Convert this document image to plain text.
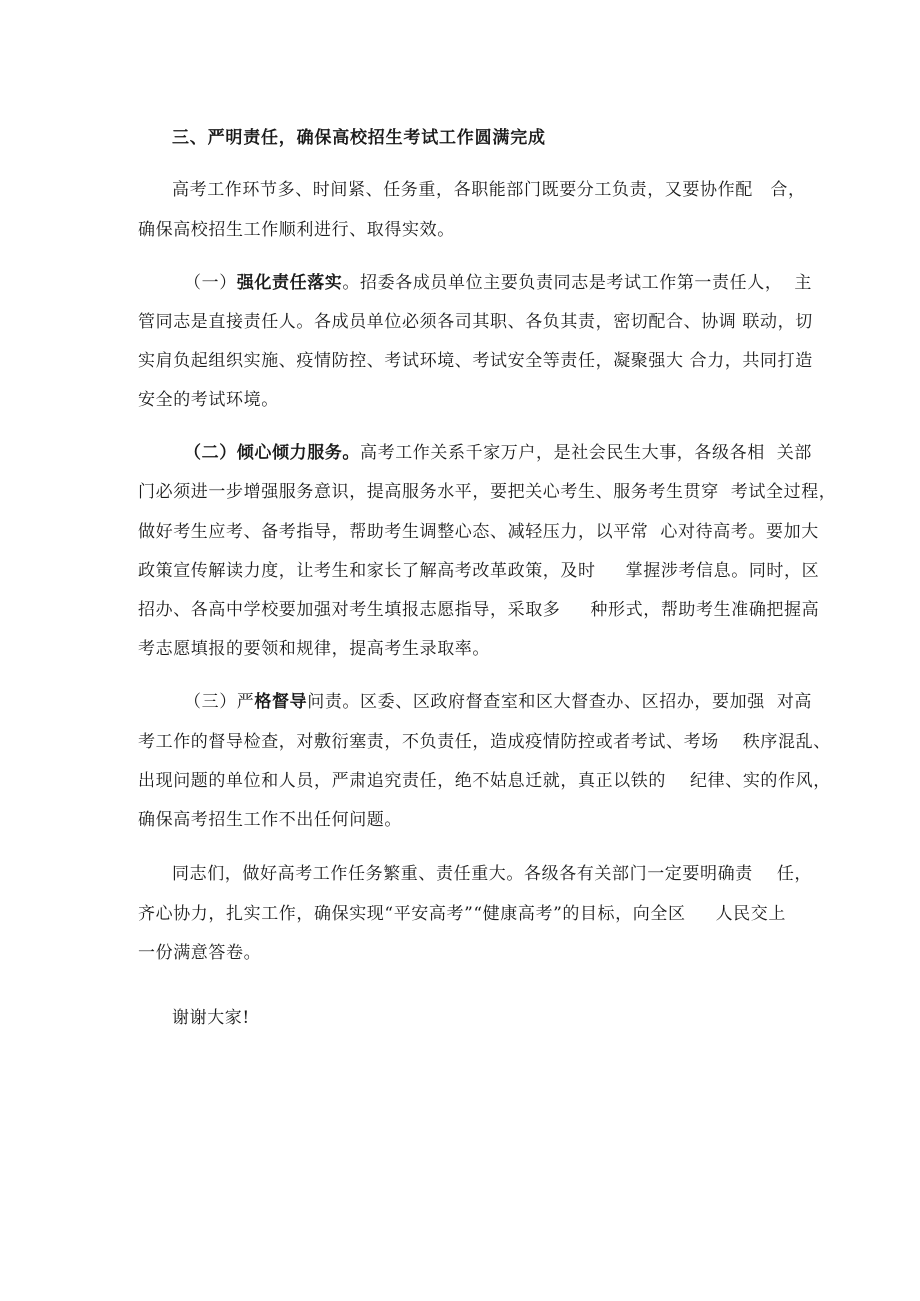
三、严明责任，确保高校招生考试工作圆满完成
高考工作环节多、时间紧、任务重，各职能部门既要分工负责，又要协作配　合，
确保高校招生工作顺利进行、取得实效。
（一）强化责任落实。招委各成员单位主要负责同志是考试工作第一责任人，  主
管同志是直接责任人。各成员单位必须各司其职、各负其责，密切配合、协调 联动，切
实肩负起组织实施、疫情防控、考试环境、考试安全等责任，凝聚强大 合力，共同打造
安全的考试环境。
（二）倾心倾力服务。高考工作关系千家万户，是社会民生大事，各级各相  关部
门必须进一步增强服务意识，提高服务水平，要把关心考生、服务考生贯穿  考试全过程，
做好考生应考、备考指导，帮助考生调整心态、减轻压力，以平常  心对待高考。要加大
政策宣传解读力度，让考生和家长了解高考改革政策，及时     掌握涉考信息。同时，区
招办、各高中学校要加强对考生填报志愿指导，采取多     种形式，帮助考生准确把握高
考志愿填报的要领和规律，提高考生录取率。
（三）严格督导问责。区委、区政府督查室和区大督查办、区招办，要加强  对高
考工作的督导检查，对敷衍塞责，不负责任，造成疫情防控或者考试、考场    秩序混乱、
出现问题的单位和人员，严肃追究责任，绝不姑息迁就，真正以铁的    纪律、实的作风，
确保高考招生工作不出任何问题。
同志们，做好高考工作任务繁重、责任重大。各级各有关部门一定要明确责    任，
齐心协力，扎实工作，确保实现“平安高考”“健康高考”的目标，向全区     人民交上
一份满意答卷。
谢谢大家!
